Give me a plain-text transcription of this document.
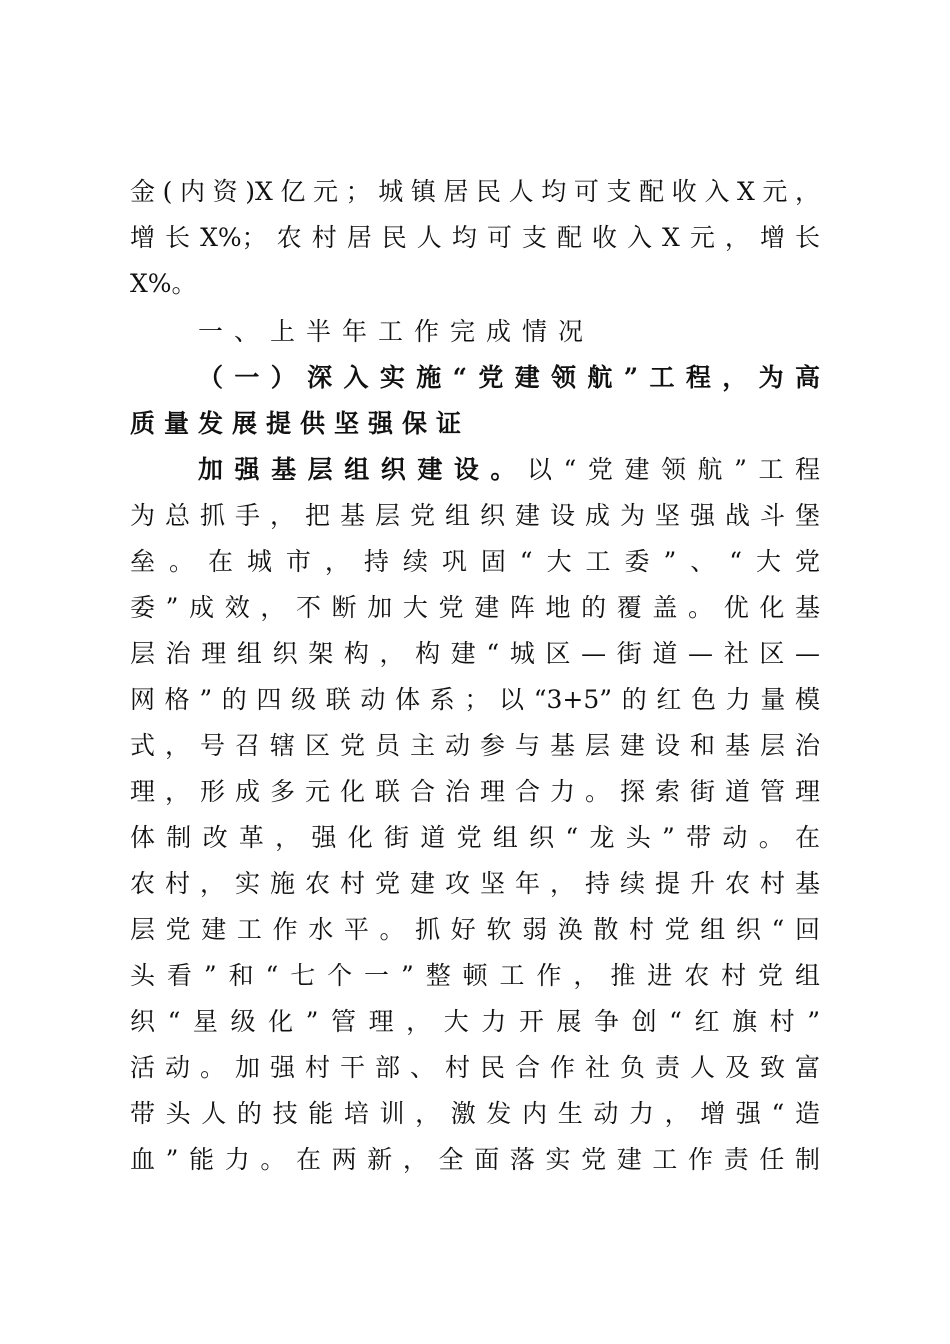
金(内资)X亿元；城镇居民人均可支配收入X元，
增长X%；农村居民人均可支配收入X元，增长
X%。
一、上半年工作完成情况
（一）深入实施“党建领航”工程，为高
质量发展提供坚强保证
加强基层组织建设。以“党建领航”工程
为总抓手，把基层党组织建设成为坚强战斗堡
垒。在城市，持续巩固“大工委”、“大党
委”成效，不断加大党建阵地的覆盖。优化基
层治理组织架构，构建“城区—街道—社区—
网格”的四级联动体系；以“3+5”的红色力量模
式，号召辖区党员主动参与基层建设和基层治
理，形成多元化联合治理合力。探索街道管理
体制改革，强化街道党组织“龙头”带动。在
农村，实施农村党建攻坚年，持续提升农村基
层党建工作水平。抓好软弱涣散村党组织“回
头看”和“七个一”整顿工作，推进农村党组
织“星级化”管理，大力开展争创“红旗村”
活动。加强村干部、村民合作社负责人及致富
带头人的技能培训，激发内生动力，增强“造
血”能力。在两新，全面落实党建工作责任制
